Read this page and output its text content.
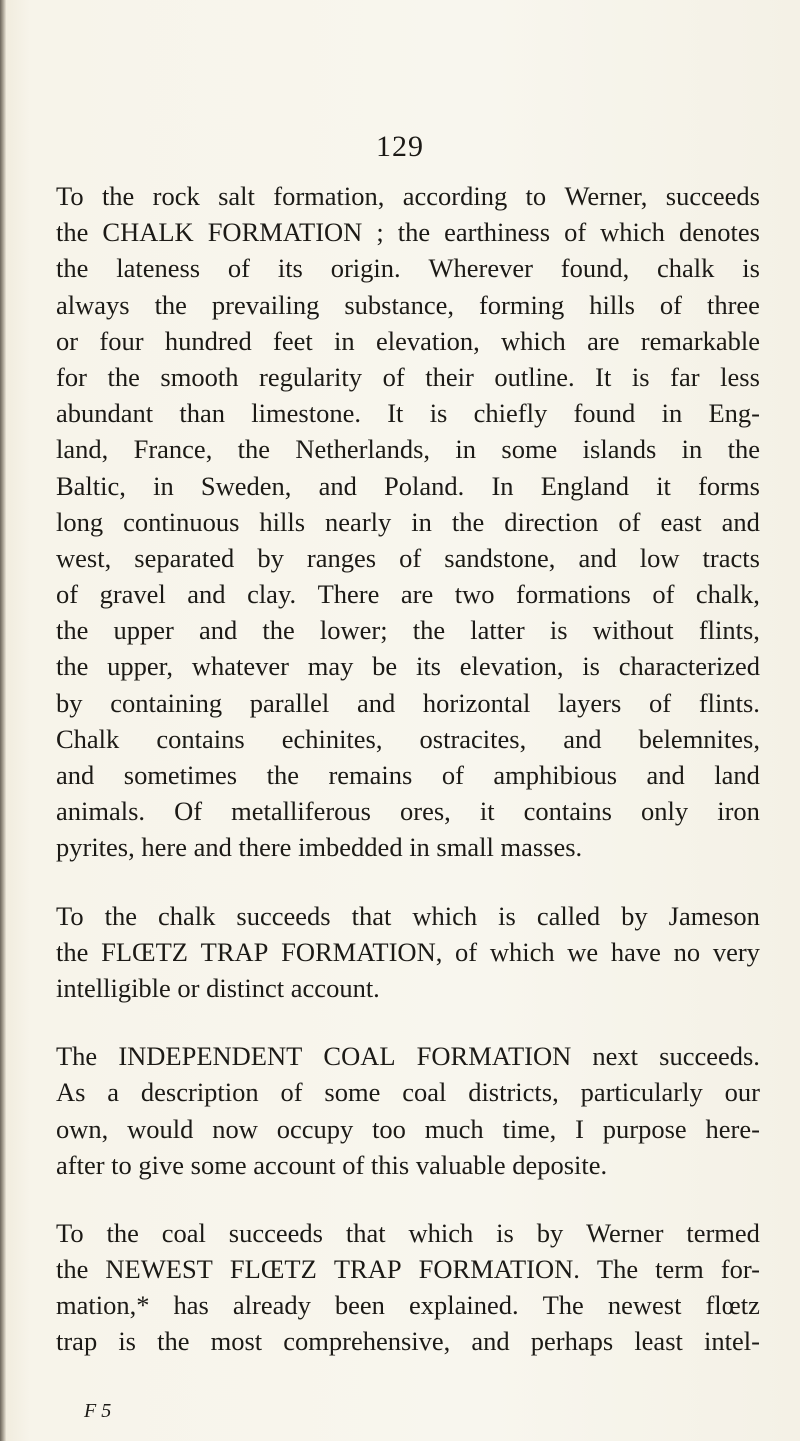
129
To the rock salt formation, according to Werner, succeeds
the CHALK FORMATION ; the earthiness of which denotes
the lateness of its origin. Wherever found, chalk is
always the prevailing substance, forming hills of three
or four hundred feet in elevation, which are remarkable
for the smooth regularity of their outline. It is far less
abundant than limestone. It is chiefly found in Eng-
land, France, the Netherlands, in some islands in the
Baltic, in Sweden, and Poland. In England it forms
long continuous hills nearly in the direction of east and
west, separated by ranges of sandstone, and low tracts
of gravel and clay. There are two formations of chalk,
the upper and the lower; the latter is without flints,
the upper, whatever may be its elevation, is characterized
by containing parallel and horizontal layers of flints.
Chalk contains echinites, ostracites, and belemnites,
and sometimes the remains of amphibious and land
animals. Of metalliferous ores, it contains only iron
pyrites, here and there imbedded in small masses.
To the chalk succeeds that which is called by Jameson
the FLŒTZ TRAP FORMATION, of which we have no very
intelligible or distinct account.
The INDEPENDENT COAL FORMATION next succeeds.
As a description of some coal districts, particularly our
own, would now occupy too much time, I purpose here-
after to give some account of this valuable deposite.
To the coal succeeds that which is by Werner termed
the NEWEST FLŒTZ TRAP FORMATION. The term for-
mation,* has already been explained. The newest flœtz
trap is the most comprehensive, and perhaps least intel-
F 5
